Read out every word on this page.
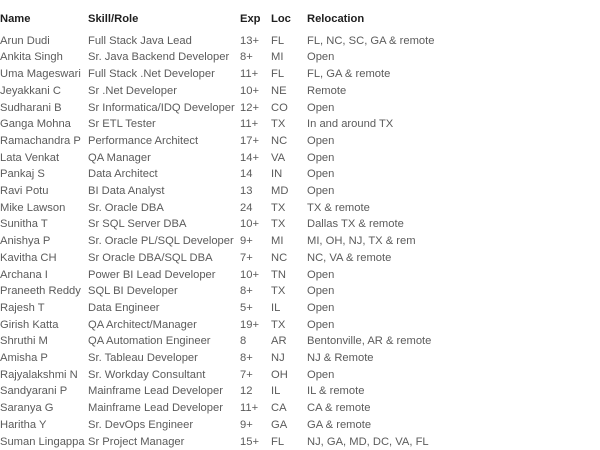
Name	Skill/Role	Exp	Loc	Relocation
Arun Dudi	Full Stack Java Lead	13+	FL	FL, NC, SC, GA & remote
Ankita Singh	Sr. Java Backend Developer	8+	MI	Open
Uma Mageswari	Full Stack .Net Developer	11+	FL	FL, GA & remote
Jeyakkani C	Sr .Net Developer	10+	NE	Remote
Sudharani B	Sr Informatica/IDQ Developer	12+	CO	Open
Ganga Mohna	Sr ETL Tester	11+	TX	In and around TX
Ramachandra P	Performance Architect	17+	NC	Open
Lata Venkat	QA Manager	14+	VA	Open
Pankaj S	Data Architect	14	IN	Open
Ravi Potu	BI Data Analyst	13	MD	Open
Mike Lawson	Sr. Oracle DBA	24	TX	TX & remote
Sunitha T	Sr SQL Server DBA	10+	TX	Dallas TX & remote
Anishya P	Sr. Oracle PL/SQL Developer	9+	MI	MI, OH, NJ, TX & rem
Kavitha CH	Sr Oracle DBA/SQL DBA	7+	NC	NC, VA & remote
Archana I	Power BI Lead Developer	10+	TN	Open
Praneeth Reddy	SQL BI Developer	8+	TX	Open
Rajesh T	Data Engineer	5+	IL	Open
Girish Katta	QA Architect/Manager	19+	TX	Open
Shruthi M	QA Automation Engineer	8	AR	Bentonville, AR & remote
Amisha P	Sr. Tableau Developer	8+	NJ	NJ & Remote
Rajyalakshmi N	Sr. Workday Consultant	7+	OH	Open
Sandyarani P	Mainframe Lead Developer	12	IL	IL & remote
Saranya G	Mainframe Lead Developer	11+	CA	CA & remote
Haritha Y	Sr. DevOps Engineer	9+	GA	GA & remote
Suman Lingappa	Sr Project Manager	15+	FL	NJ, GA, MD, DC, VA, FL
